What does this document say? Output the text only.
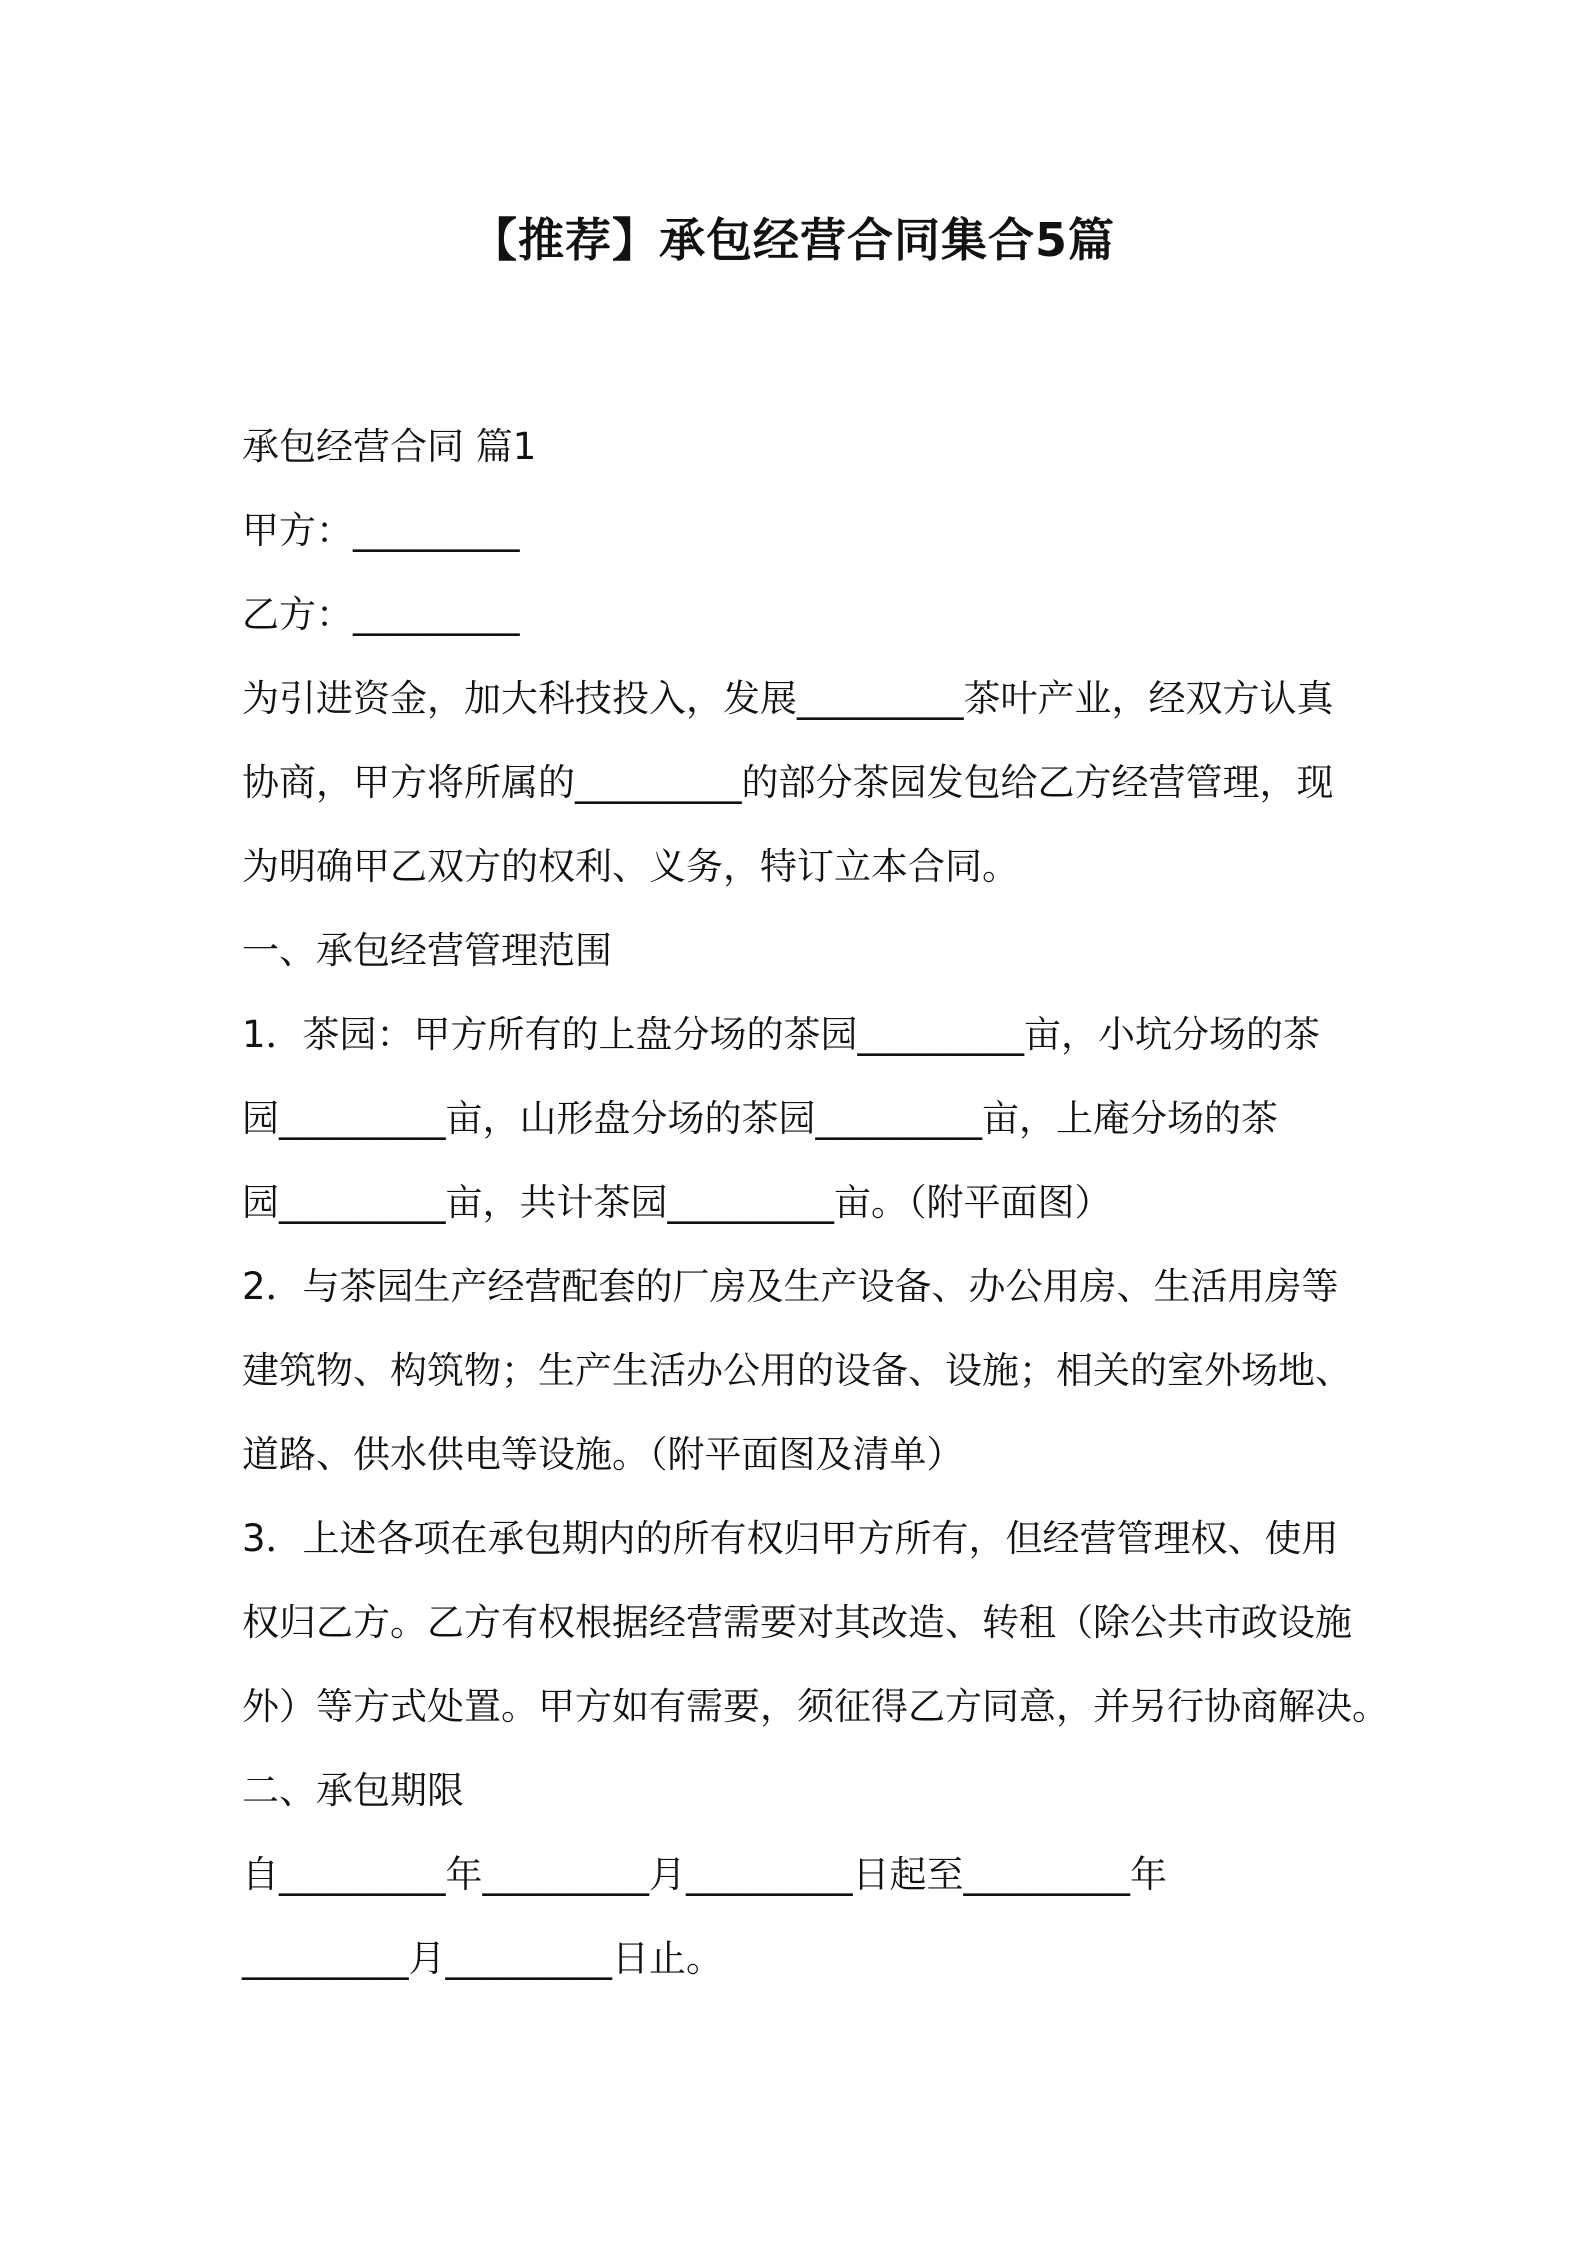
【推荐】承包经营合同集合5篇
承包经营合同 篇1
甲方：_________
乙方：_________
为引进资金，加大科技投入，发展_________茶叶产业，经双方认真
协商，甲方将所属的_________的部分茶园发包给乙方经营管理，现
为明确甲乙双方的权利、义务，特订立本合同。
一、承包经营管理范围
1．茶园：甲方所有的上盘分场的茶园_________亩，小坑分场的茶
园_________亩，山形盘分场的茶园_________亩，上庵分场的茶
园_________亩，共计茶园_________亩。（附平面图）
2．与茶园生产经营配套的厂房及生产设备、办公用房、生活用房等
建筑物、构筑物；生产生活办公用的设备、设施；相关的室外场地、
道路、供水供电等设施。（附平面图及清单）
3．上述各项在承包期内的所有权归甲方所有，但经营管理权、使用
权归乙方。乙方有权根据经营需要对其改造、转租（除公共市政设施
外）等方式处置。甲方如有需要，须征得乙方同意，并另行协商解决。
二、承包期限
自_________年_________月_________日起至_________年
_________月_________日止。
